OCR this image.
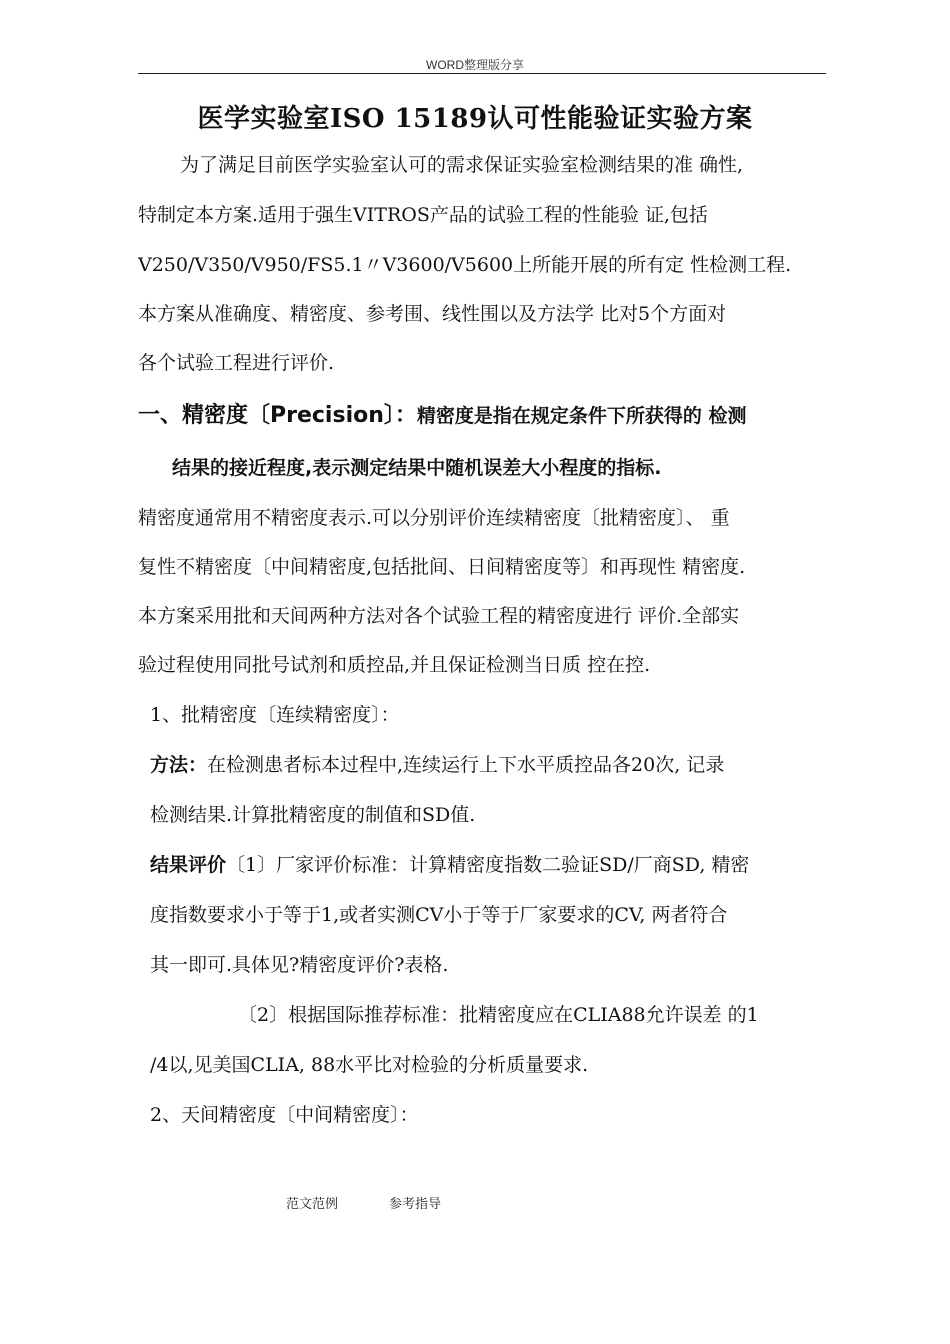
WORD整理版分享
医学实验室ISO 15189认可性能验证实验方案
为了满足目前医学实验室认可的需求保证实验室检测结果的准 确性,
特制定本方案.适用于强生VITROS产品的试验工程的性能验 证,包括
V250/V350/V950/FS5.1〃V3600/V5600上所能开展的所有定 性检测工程.
本方案从准确度、精密度、参考围、线性围以及方法学 比对5个方面对
各个试验工程进行评价.
一、精密度〔Precision〕：精密度是指在规定条件下所获得的 检测
结果的接近程度,表示测定结果中随机误差大小程度的指标.
精密度通常用不精密度表示.可以分别评价连续精密度〔批精密度〕、 重
复性不精密度〔中间精密度,包括批间、日间精密度等〕和再现性 精密度.
本方案采用批和天间两种方法对各个试验工程的精密度进行 评价.全部实
验过程使用同批号试剂和质控品,并且保证检测当日质 控在控.
1、批精密度〔连续精密度〕：
方法：在检测患者标本过程中,连续运行上下水平质控品各20次, 记录
检测结果.计算批精密度的制值和SD值.
结果评价〔1〕厂家评价标准：计算精密度指数二验证SD/厂商SD, 精密
度指数要求小于等于1,或者实测CV小于等于厂家要求的CV, 两者符合
其一即可.具体见?精密度评价?表格.
〔2〕根据国际推荐标准：批精密度应在CLIA88允许误差 的1
/4以,见美国CLIA, 88水平比对检验的分析质量要求.
2、天间精密度〔中间精密度〕：
范文范例	参考指导
